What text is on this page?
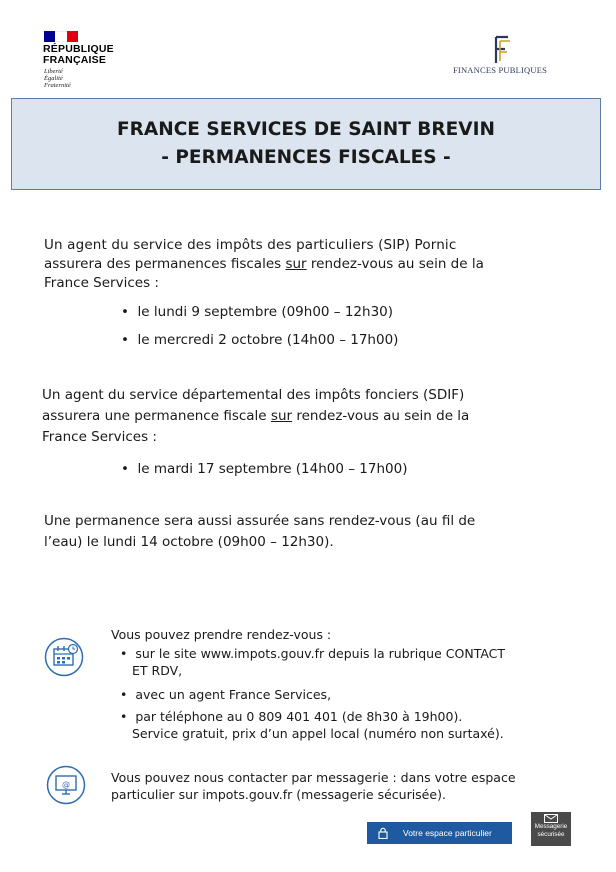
RÉPUBLIQUE
FRANÇAISE
Liberté
Égalité
Fraternité
FINANCES PUBLIQUES
FRANCE SERVICES DE SAINT BREVIN
- PERMANENCES FISCALES -
Un agent du service des impôts des particuliers (SIP) Pornic
assurera des permanences fiscales sur rendez-vous au sein de la
France Services :
•  le lundi 9 septembre (09h00 – 12h30)
•  le mercredi 2 octobre (14h00 – 17h00)
Un agent du service départemental des impôts fonciers (SDIF)
assurera une permanence fiscale sur rendez-vous au sein de la
France Services :
•  le mardi 17 septembre (14h00 – 17h00)
Une permanence sera aussi assurée sans rendez-vous (au fil de
l’eau) le lundi 14 octobre (09h00 – 12h30).
Vous pouvez prendre rendez-vous :
•  sur le site www.impots.gouv.fr depuis la rubrique CONTACT
ET RDV,
•  avec un agent France Services,
•  par téléphone au 0 809 401 401 (de 8h30 à 19h00).
Service gratuit, prix d’un appel local (numéro non surtaxé).
@	Vous pouvez nous contacter par messagerie : dans votre espace
particulier sur impots.gouv.fr (messagerie sécurisée).
Votre espace particulier
Messagerie
sécurisée
